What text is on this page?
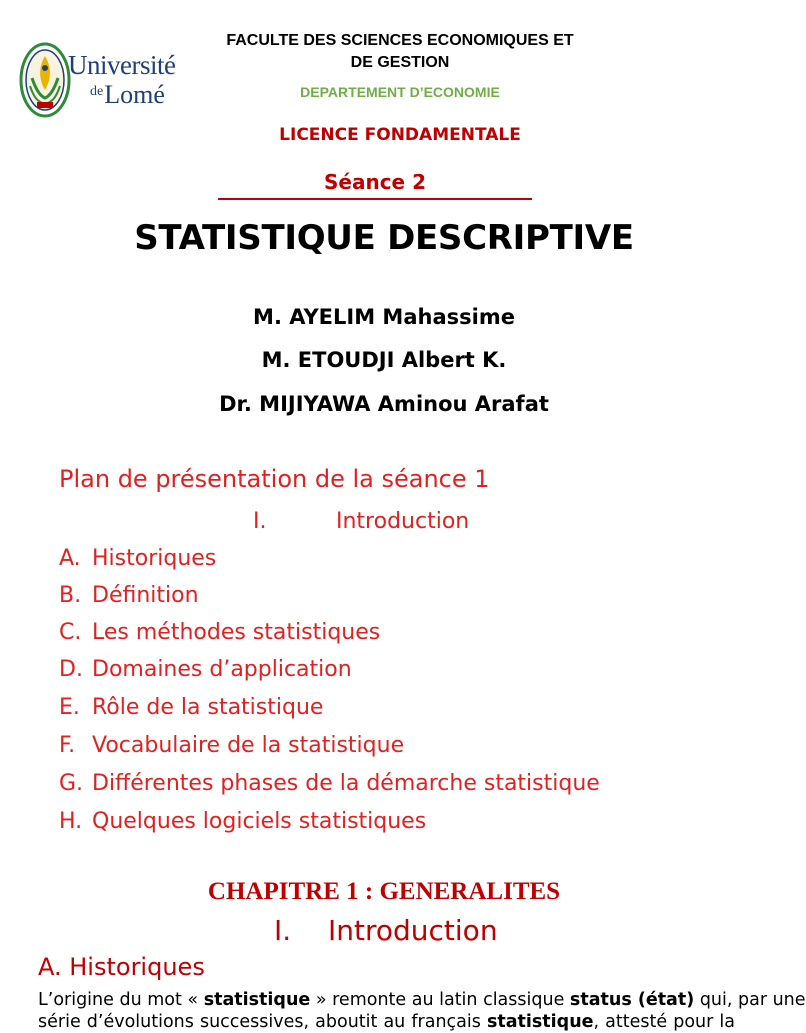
Université
$^{de}$Lomé
FACULTE DES SCIENCES ECONOMIQUES ET
DE GESTION
DEPARTEMENT D’ECONOMIE
LICENCE FONDAMENTALE
Séance 2
STATISTIQUE DESCRIPTIVE
M. AYELIM Mahassime
M. ETOUDJI Albert K.
Dr. MIJIYAWA Aminou Arafat
Plan de présentation de la séance 1
I.	Introduction
A. Historiques
B. Définition
C. Les méthodes statistiques
D. Domaines d’application
E. Rôle de la statistique
F. Vocabulaire de la statistique
G. Différentes phases de la démarche statistique
H. Quelques logiciels statistiques
CHAPITRE 1 : GENERALITES
I. Introduction
A. Historiques
L’origine du mot « statistique » remonte au latin classique status (état) qui, par une
série d’évolutions successives, aboutit au français statistique, attesté pour la
